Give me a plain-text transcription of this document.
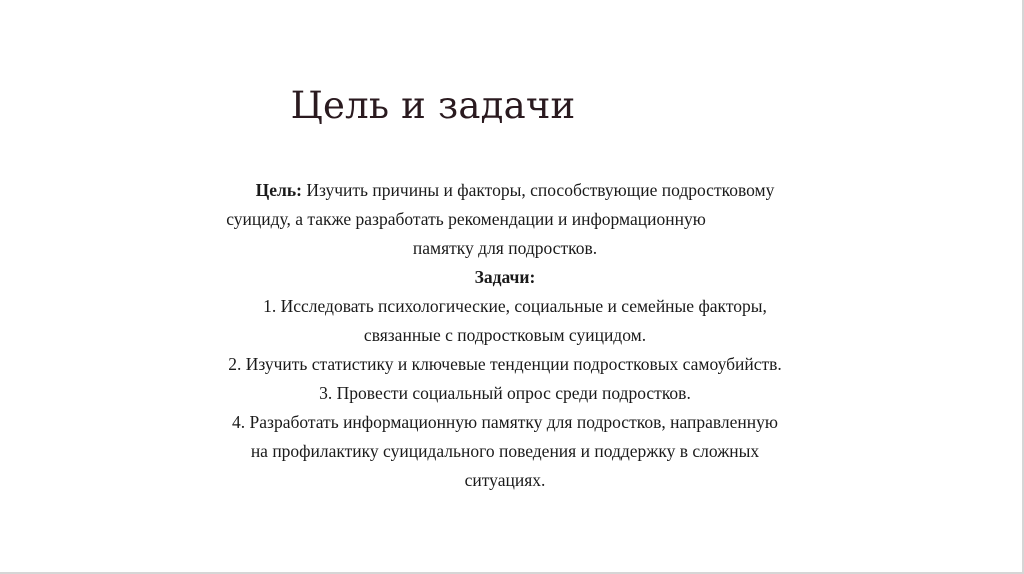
Цель и задачи
Цель: Изучить причины и факторы, способствующие подростковому
суициду, а также разработать рекомендации и информационную
памятку для подростков.
Задачи:
1. Исследовать психологические, социальные и семейные факторы,
связанные с подростковым суицидом.
2. Изучить статистику и ключевые тенденции подростковых самоубийств.
3. Провести социальный опрос среди подростков.
4. Разработать информационную памятку для подростков, направленную
на профилактику суицидального поведения и поддержку в сложных
ситуациях.
